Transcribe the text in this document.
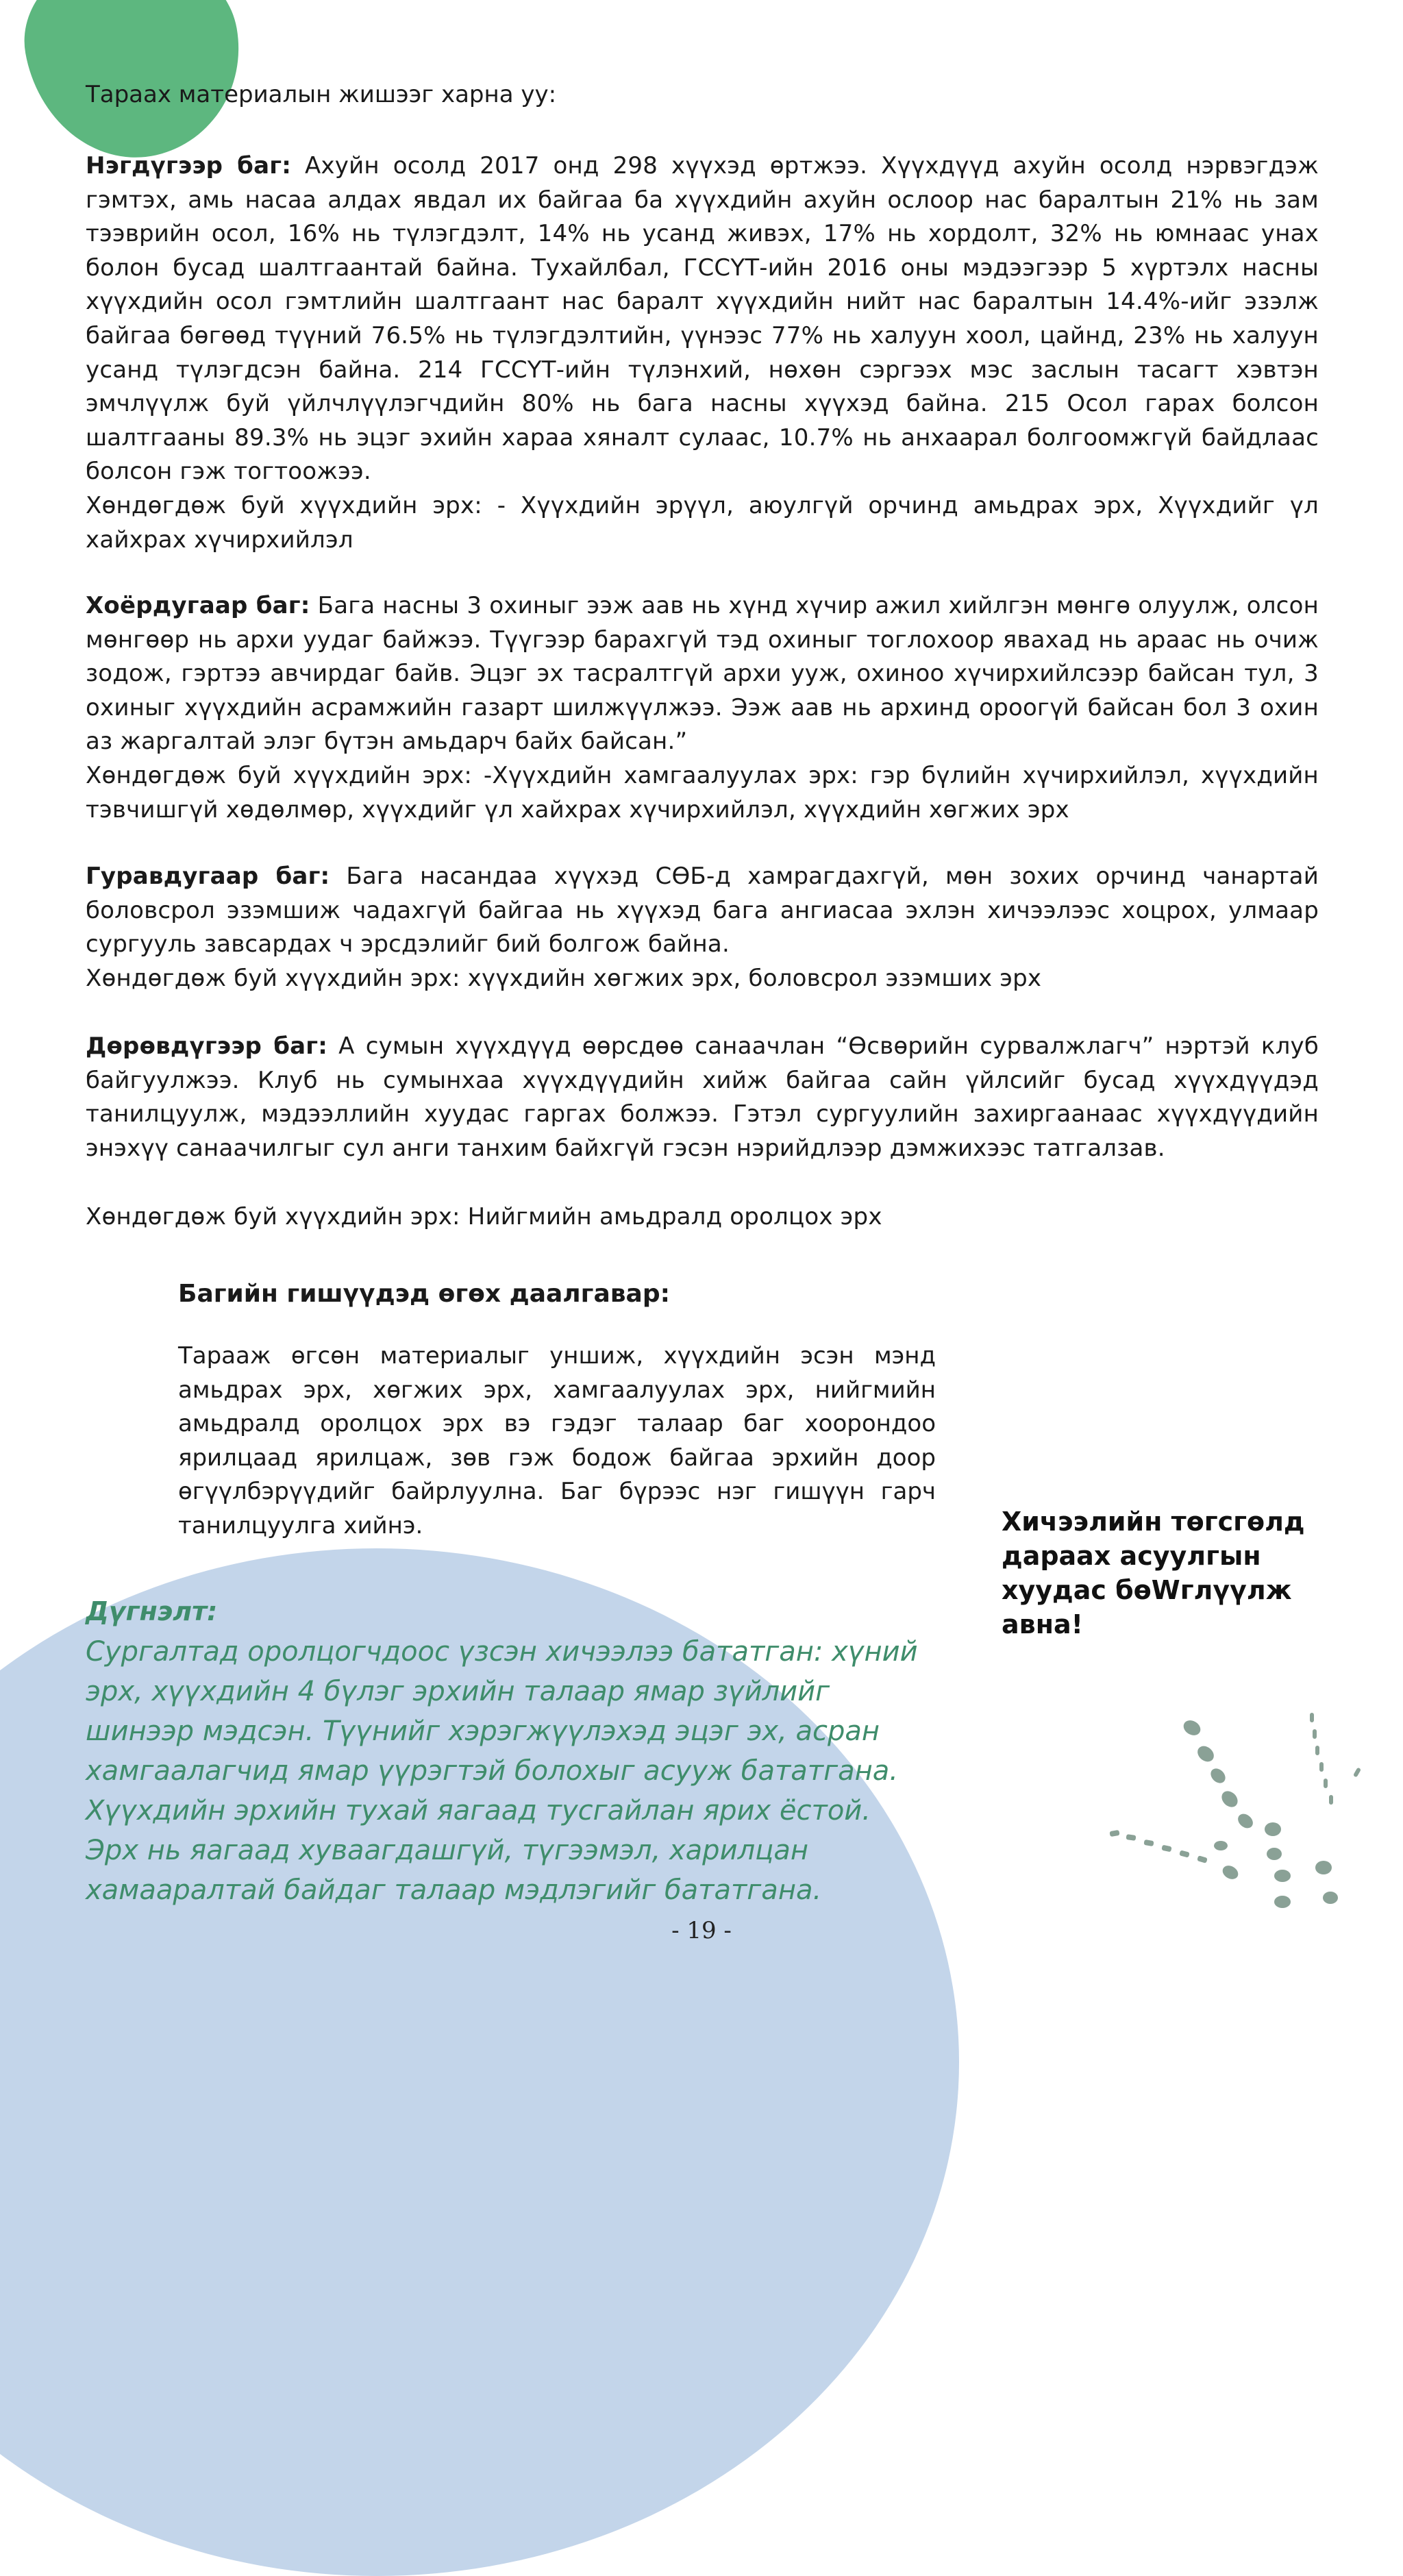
Тараах материалын жишээг харна уу:

Нэгдүгээр баг: Ахуйн осолд 2017 онд 298 хүүхэд өртжээ. Хүүхдүүд ахуйн осолд нэрвэгдэж гэмтэх, амь насаа алдах явдал их байгаа ба хүүхдийн ахуйн ослоор нас баралтын 21% нь зам тээврийн осол, 16% нь түлэгдэлт, 14% нь усанд живэх, 17% нь хордолт, 32% нь юмнаас унах болон бусад шалтгаантай байна. Тухайлбал, ГССҮТ-ийн 2016 оны мэдээгээр 5 хүртэлх насны хүүхдийн осол гэмтлийн шалтгаант нас баралт хүүхдийн нийт нас баралтын 14.4%-ийг эзэлж байгаа бөгөөд түүний 76.5% нь түлэгдэлтийн, үүнээс 77% нь халуун хоол, цайнд, 23% нь халуун усанд түлэгдсэн байна. 214 ГССҮТ-ийн түлэнхий, нөхөн сэргээх мэс заслын тасагт хэвтэн эмчлүүлж буй үйлчлүүлэгчдийн 80% нь бага насны хүүхэд байна. 215 Осол гарах болсон шалтгааны 89.3% нь эцэг эхийн хараа хяналт сулаас, 10.7% нь анхаарал болгоомжгүй байдлаас болсон гэж тогтоожээ.

Хөндөгдөж буй хүүхдийн эрх: - Хүүхдийн эрүүл, аюулгүй орчинд амьдрах эрх, Хүүхдийг үл хайхрах хүчирхийлэл

Хоёрдугаар баг: Бага насны 3 охиныг ээж аав нь хүнд хүчир ажил хийлгэн мөнгө олуулж, олсон мөнгөөр нь архи уудаг байжээ. Түүгээр барахгүй тэд охиныг тоглохоор явахад нь араас нь очиж зодож, гэртээ авчирдаг байв. Эцэг эх тасралтгүй архи ууж, охиноо хүчирхийлсээр байсан тул, 3 охиныг хүүхдийн асрамжийн газарт шилжүүлжээ. Ээж аав нь архинд ороогүй байсан бол 3 охин аз жаргалтай элэг бүтэн амьдарч байх байсан.”

Хөндөгдөж буй хүүхдийн эрх: -Хүүхдийн хамгаалуулах эрх: гэр бүлийн хүчирхийлэл, хүүхдийн тэвчишгүй хөдөлмөр, хүүхдийг үл хайхрах хүчирхийлэл, хүүхдийн хөгжих эрх

Гуравдугаар баг: Бага насандаа хүүхэд СӨБ-д хамрагдахгүй, мөн зохих орчинд чанартай боловсрол эзэмшиж чадахгүй байгаа нь хүүхэд бага ангиасаа эхлэн хичээлээс хоцрох, улмаар сургууль завсардах ч эрсдэлийг бий болгож байна.

Хөндөгдөж буй хүүхдийн эрх: хүүхдийн хөгжих эрх, боловсрол эзэмших эрх

Дөрөвдүгээр баг: А сумын хүүхдүүд өөрсдөө санаачлан “Өсвөрийн сурвалжлагч” нэртэй клуб байгуулжээ. Клуб нь сумынхаа хүүхдүүдийн хийж байгаа сайн үйлсийг бусад хүүхдүүдэд танилцуулж, мэдээллийн хуудас гаргах болжээ. Гэтэл сургуулийн захиргаанаас хүүхдүүдийн энэхүү санаачилгыг сул анги танхим байхгүй гэсэн нэрийдлээр дэмжихээс татгалзав.

Хөндөгдөж буй хүүхдийн эрх: Нийгмийн амьдралд оролцох эрх

Багийн гишүүдэд өгөх даалгавар:

Тарааж өгсөн материалыг уншиж, хүүхдийн эсэн мэнд амьдрах эрх, хөгжих эрх, хамгаалуулах эрх, нийгмийн амьдралд оролцох эрх вэ гэдэг талаар баг хоорондоо ярилцаад ярилцаж, зөв гэж бодож байгаа эрхийн доор өгүүлбэрүүдийг байрлуулна. Баг бүрээс нэг гишүүн гарч танилцуулга хийнэ.	Хичээлийн төгсгөлд дараах асуулгын хуудас бөWглүүлж авна!

Дүгнэлт:

Сургалтад оролцогчдоос үзсэн хичээлээ бататган: хүний эрх, хүүхдийн 4 бүлэг эрхийн талаар ямар зүйлийг шинээр мэдсэн. Түүнийг хэрэгжүүлэхэд эцэг эх, асран хамгаалагчид ямар үүрэгтэй болохыг асууж бататгана. Хүүхдийн эрхийн тухай яагаад тусгайлан ярих ёстой. Эрх нь яагаад хуваагдашгүй, түгээмэл, харилцан хамааралтай байдаг талаар мэдлэгийг бататгана.

- 19 -
